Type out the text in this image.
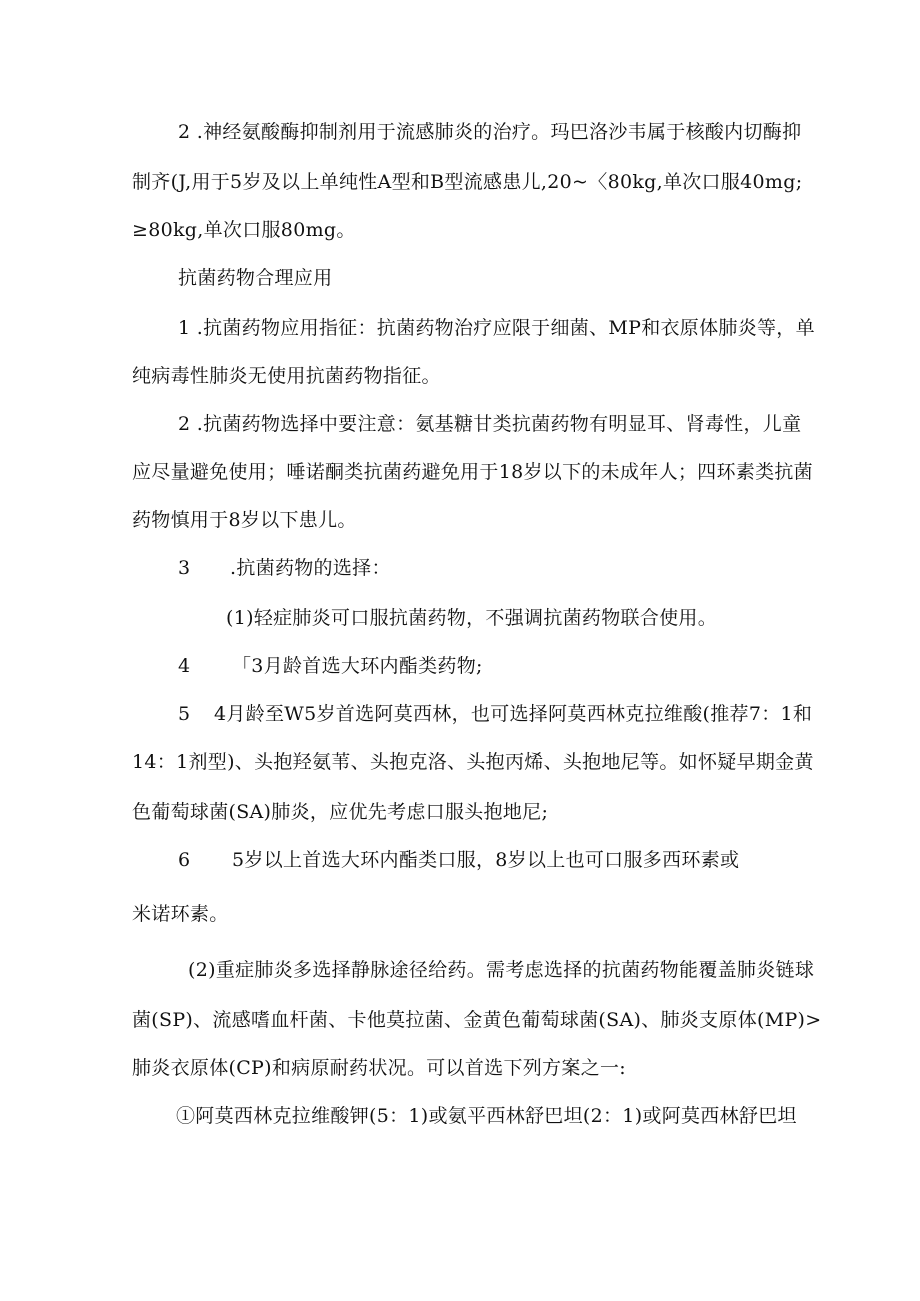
2 .神经氨酸酶抑制剂用于流感肺炎的治疗。玛巴洛沙韦属于核酸内切酶抑
制齐(J,用于5岁及以上单纯性A型和B型流感患儿,20~〈80kg,单次口服40mg;
≥80kg,单次口服80mg。
抗菌药物合理应用
1 .抗菌药物应用指征：抗菌药物治疗应限于细菌、MP和衣原体肺炎等，单
纯病毒性肺炎无使用抗菌药物指征。
2 .抗菌药物选择中要注意：氨基糖甘类抗菌药物有明显耳、肾毒性，儿童
应尽量避免使用；唾诺酮类抗菌药避免用于18岁以下的未成年人；四环素类抗菌
药物慎用于8岁以下患儿。
3 .抗菌药物的选择：
(1)轻症肺炎可口服抗菌药物，不强调抗菌药物联合使用。
4 「3月龄首选大环内酯类药物;
5 4月龄至W5岁首选阿莫西林，也可选择阿莫西林克拉维酸(推荐7：1和
14：1剂型)、头抱羟氨苇、头抱克洛、头抱丙烯、头抱地尼等。如怀疑早期金黄
色葡萄球菌(SA)肺炎，应优先考虑口服头抱地尼;
6 5岁以上首选大环内酯类口服，8岁以上也可口服多西环素或
米诺环素。
(2)重症肺炎多选择静脉途径给药。需考虑选择的抗菌药物能覆盖肺炎链球
菌(SP)、流感嗜血杆菌、卡他莫拉菌、金黄色葡萄球菌(SA)、肺炎支原体(MP)>
肺炎衣原体(CP)和病原耐药状况。可以首选下列方案之一:
①阿莫西林克拉维酸钾(5：1)或氨平西林舒巴坦(2：1)或阿莫西林舒巴坦
